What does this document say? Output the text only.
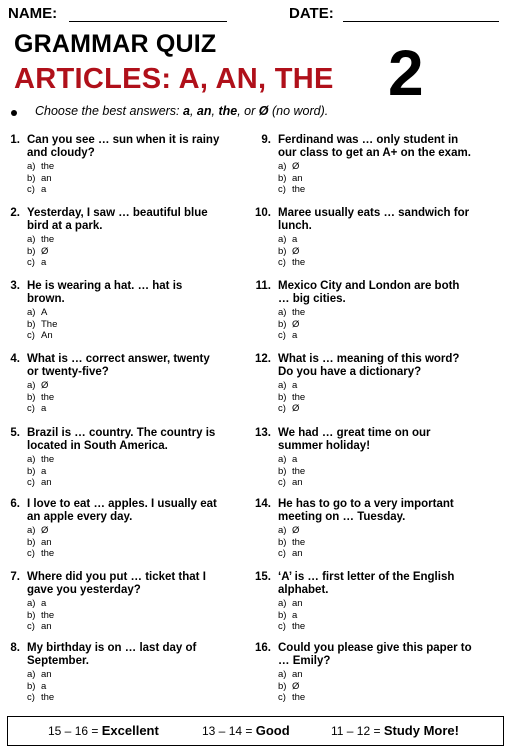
NAME:	DATE:
GRAMMAR QUIZ
ARTICLES: A, AN, THE 2
Choose the best answers: a, an, the, or Ø (no word).
1. Can you see … sun when it is rainy and cloudy?
a) the
b) an
c) a
2. Yesterday, I saw … beautiful blue bird at a park.
a) the
b) Ø
c) a
3. He is wearing a hat. … hat is brown.
a) A
b) The
c) An
4. What is … correct answer, twenty or twenty-five?
a) Ø
b) the
c) a
5. Brazil is … country. The country is located in South America.
a) the
b) a
c) an
6. I love to eat … apples. I usually eat an apple every day.
a) Ø
b) an
c) the
7. Where did you put … ticket that I gave you yesterday?
a) a
b) the
c) an
8. My birthday is on … last day of September.
a) an
b) a
c) the
9. Ferdinand was … only student in our class to get an A+ on the exam.
a) Ø
b) an
c) the
10. Maree usually eats … sandwich for lunch.
a) a
b) Ø
c) the
11. Mexico City and London are both … big cities.
a) the
b) Ø
c) a
12. What is … meaning of this word? Do you have a dictionary?
a) a
b) the
c) Ø
13. We had … great time on our summer holiday!
a) a
b) the
c) an
14. He has to go to a very important meeting on … Tuesday.
a) Ø
b) the
c) an
15. ‘A’ is … first letter of the English alphabet.
a) an
b) a
c) the
16. Could you please give this paper to … Emily?
a) an
b) Ø
c) the
15 – 16 = Excellent	13 – 14 = Good	11 – 12 = Study More!
